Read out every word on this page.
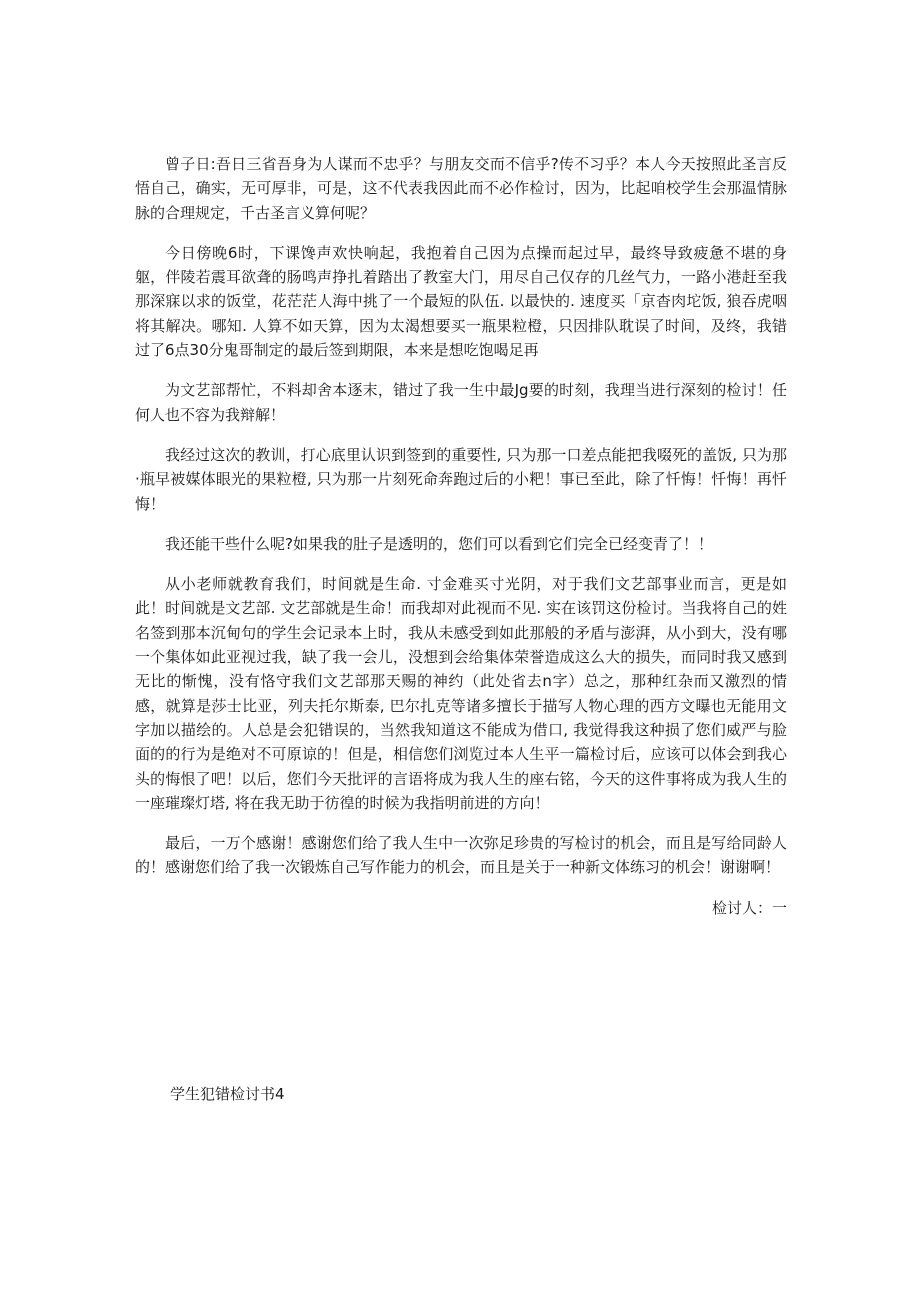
曾子日:吾日三省吾身为人谋而不忠乎？与朋友交而不信乎?传不习乎？本人今天按照此圣言反悟自己，确实，无可厚非，可是，这不代表我因此而不必作检讨，因为，比起咱校学生会那温情脉脉的合理规定，千古圣言义算何呢？

今日傍晚6时，下课馋声欢快响起，我抱着自己因为点操而起过早，最终导致疲惫不堪的身躯，伴陵若震耳欲聋的肠鸣声挣扎着踏出了教室大门，用尽自己仅存的几丝气力，一路小港赶至我那深寐以求的饭堂，花茫茫人海中挑了一个最短的队伍. 以最快的. 速度买「京杳肉坨饭, 狼吞虎咽将其解决。哪知. 人算不如天算，因为太渴想要买一瓶果粒橙，只因排队耽误了时间，及终，我错过了6点30分鬼哥制定的最后签到期限，本来是想吃饱喝足再

为文艺部帮忙，不料却舍本逐末，错过了我一生中最Jg要的时刻，我理当进行深刻的检讨！任何人也不容为我辩解！

我经过这次的教训，打心底里认识到签到的重要性, 只为那一口差点能把我啜死的盖饭, 只为那·瓶早被媒体眼光的果粒橙, 只为那一片刻死命奔跑过后的小粑！事已至此，除了忏悔！忏悔！再忏悔！

我还能干些什么呢?如果我的肚子是透明的，您们可以看到它们完全已经变青了！！

从小老师就教育我们，时间就是生命. 寸金难买寸光阴，对于我们文艺部事业而言，更是如此！时间就是文艺部. 文艺部就是生命！而我却对此视而不见. 实在该罚这份检讨。当我将自己的姓名签到那本沉甸句的学生会记录本上时，我从未感受到如此那般的矛盾与澎湃，从小到大，没有哪一个集体如此亚视过我，缺了我一会儿，没想到会给集体荣誉造成这么大的损失，而同时我又感到无比的惭愧，没有恪守我们文艺部那天赐的神约（此处省去n字）总之，那种红杂而又激烈的情感，就算是莎士比亚，列夫托尔斯泰, 巴尔扎克等诸多擅长于描写人物心理的西方文曝也无能用文字加以描绘的。人总是会犯错误的，当然我知道这不能成为借口, 我觉得我这种损了您们威严与脸面的的行为是绝对不可原谅的！但是，相信您们浏览过本人生平一篇检讨后，应该可以体会到我心头的悔恨了吧！以后，您们今天批评的言语将成为我人生的座右铭，今天的这件事将成为我人生的一座璀璨灯塔, 将在我无助于彷徨的时候为我指明前进的方向！

最后，一万个感谢！感谢您们给了我人生中一次弥足珍贵的写检讨的机会，而且是写给同龄人的！感谢您们给了我一次锻炼自己写作能力的机会，而且是关于一种新文体练习的机会！谢谢啊！

检讨人：一

学生犯错检讨书4
